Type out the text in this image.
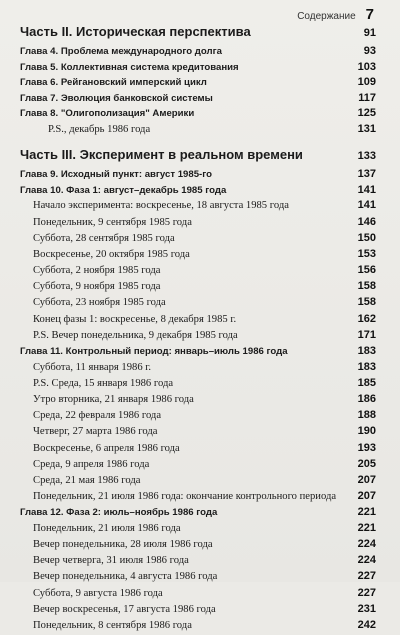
Содержание 7
Часть II. Историческая перспектива	91
Глава 4. Проблема международного долга	93
Глава 5. Коллективная система кредитования	103
Глава 6. Рейгановский имперский цикл	109
Глава 7. Эволюция банковской системы	117
Глава 8. "Олигополизация" Америки	125
P.S., декабрь 1986 года	131
Часть III. Эксперимент в реальном времени	133
Глава 9. Исходный пункт: август 1985-го	137
Глава 10. Фаза 1: август–декабрь 1985 года	141
Начало эксперимента: воскресенье, 18 августа 1985 года	141
Понедельник, 9 сентября 1985 года	146
Суббота, 28 сентября 1985 года	150
Воскресенье, 20 октября 1985 года	153
Суббота, 2 ноября 1985 года	156
Суббота, 9 ноября 1985 года	158
Суббота, 23 ноября 1985 года	158
Конец фазы 1: воскресенье, 8 декабря 1985 г.	162
P.S. Вечер понедельника, 9 декабря 1985 года	171
Глава 11. Контрольный период: январь–июль 1986 года	183
Суббота, 11 января 1986 г.	183
P.S. Среда, 15 января 1986 года	185
Утро вторника, 21 января 1986 года	186
Среда, 22 февраля 1986 года	188
Четверг, 27 марта 1986 года	190
Воскресенье, 6 апреля 1986 года	193
Среда, 9 апреля 1986 года	205
Среда, 21 мая 1986 года	207
Понедельник, 21 июля 1986 года: окончание контрольного периода 207
Глава 12. Фаза 2: июль–ноябрь 1986 года	221
Понедельник, 21 июля 1986 года	221
Вечер понедельника, 28 июля 1986 года	224
Вечер четверга, 31 июля 1986 года	224
Вечер понедельника, 4 августа 1986 года	227
Суббота, 9 августа 1986 года	227
Вечер воскресенья, 17 августа 1986 года	231
Понедельник, 8 сентября 1986 года	242
